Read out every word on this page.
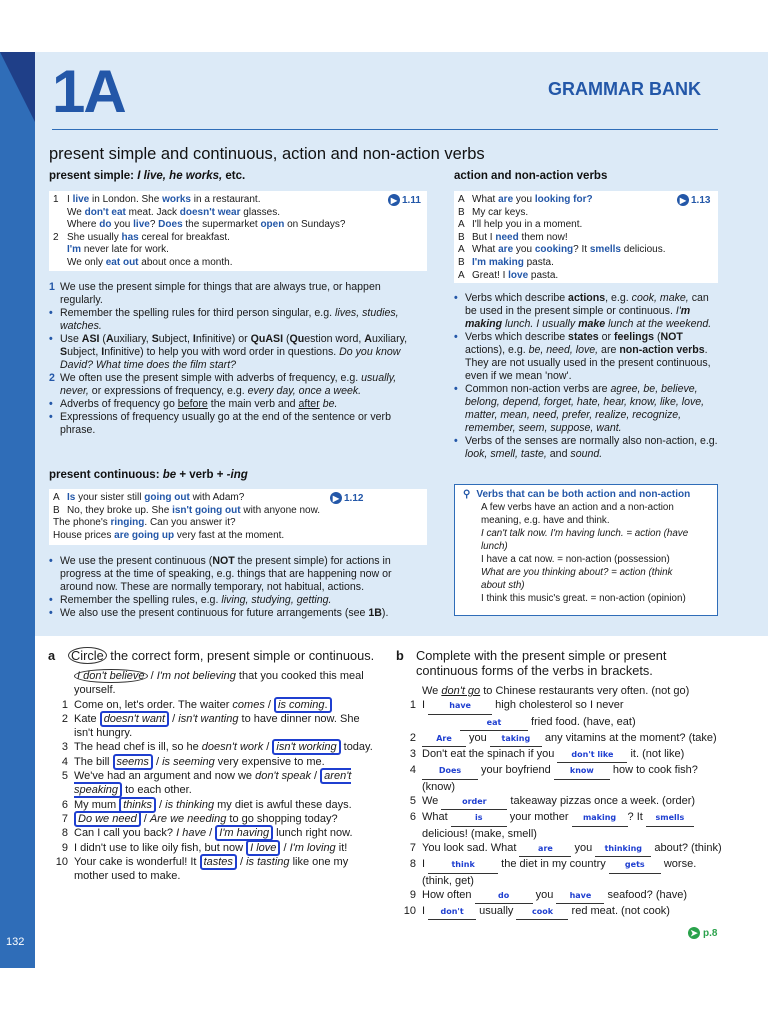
132
1A	GRAMMAR BANK
present simple and continuous, action and non-action verbs
present simple: I live, he works, etc.
1 I live in London. She works in a restaurant.
We don't eat meat. Jack doesn't wear glasses.
Where do you live? Does the supermarket open on Sundays?
2 She usually has cereal for breakfast.
I'm never late for work.
We only eat out about once a month.
▶ 1.11
1 We use the present simple for things that are always true, or happen regularly.
• Remember the spelling rules for third person singular, e.g. lives, studies, watches.
• Use ASI (Auxiliary, Subject, Infinitive) or QuASI (Question word, Auxiliary, Subject, Infinitive) to help you with word order in questions. Do you know David? What time does the film start?
2 We often use the present simple with adverbs of frequency, e.g. usually, never, or expressions of frequency, e.g. every day, once a week.
• Adverbs of frequency go before the main verb and after be.
• Expressions of frequency usually go at the end of the sentence or verb phrase.
present continuous: be + verb + -ing
A Is your sister still going out with Adam?
B No, they broke up. She isn't going out with anyone now.
The phone's ringing. Can you answer it?
House prices are going up very fast at the moment.
▶ 1.12
• We use the present continuous (NOT the present simple) for actions in progress at the time of speaking, e.g. things that are happening now or around now. These are normally temporary, not habitual, actions.
• Remember the spelling rules, e.g. living, studying, getting.
• We also use the present continuous for future arrangements (see 1B).
action and non-action verbs
A What are you looking for?
B My car keys.
A I'll help you in a moment.
B But I need them now!
A What are you cooking? It smells delicious.
B I'm making pasta.
A Great! I love pasta.
▶ 1.13
• Verbs which describe actions, e.g. cook, make, can be used in the present simple or continuous. I'm making lunch. I usually make lunch at the weekend.
• Verbs which describe states or feelings (NOT actions), e.g. be, need, love, are non-action verbs. They are not usually used in the present continuous, even if we mean 'now'.
• Common non-action verbs are agree, be, believe, belong, depend, forget, hate, hear, know, like, love, matter, mean, need, prefer, realize, recognize, remember, seem, suppose, want.
• Verbs of the senses are normally also non-action, e.g. look, smell, taste, and sound.
⚲ Verbs that can be both action and non-action
A few verbs have an action and a non-action
meaning, e.g. have and think.
I can't talk now. I'm having lunch. = action (have
lunch)
I have a cat now. = non-action (possession)
What are you thinking about? = action (think
about sth)
I think this music's great. = non-action (opinion)
a	Circle the correct form, present simple or continuous.
I don't believe / I'm not believing that you cooked this meal yourself.
1 Come on, let's order. The waiter comes / is coming.
2 Kate doesn't want / isn't wanting to have dinner now. She isn't hungry.
3 The head chef is ill, so he doesn't work / isn't working today.
4 The bill seems / is seeming very expensive to me.
5 We've had an argument and now we don't speak / aren't speaking to each other.
6 My mum thinks / is thinking my diet is awful these days.
7 Do we need / Are we needing to go shopping today?
8 Can I call you back? I have / I'm having lunch right now.
9 I didn't use to like oily fish, but now I love / I'm loving it!
10 Your cake is wonderful! It tastes / is tasting like one my mother used to make.
b Complete with the present simple or present continuous forms of the verbs in brackets.
We don't go to Chinese restaurants very often. (not go)
1 I	have high cholesterol so I never eat fried food. (have, eat)
2	Are you taking any vitamins at the moment? (take)
3 Don't eat the spinach if you don't like it. (not like)
4	Does your boyfriend know how to cook fish? (know)
5 We	order takeaway pizzas once a week. (order)
6 What	is your mother making ? It smells delicious! (make, smell)
7 You look sad. What are you thinking about? (think)
8 I	think the diet in my country gets worse. (think, get)
9 How often	do you have seafood? (have)
10 I don't usually cook red meat. (not cook)
➤ p.8
